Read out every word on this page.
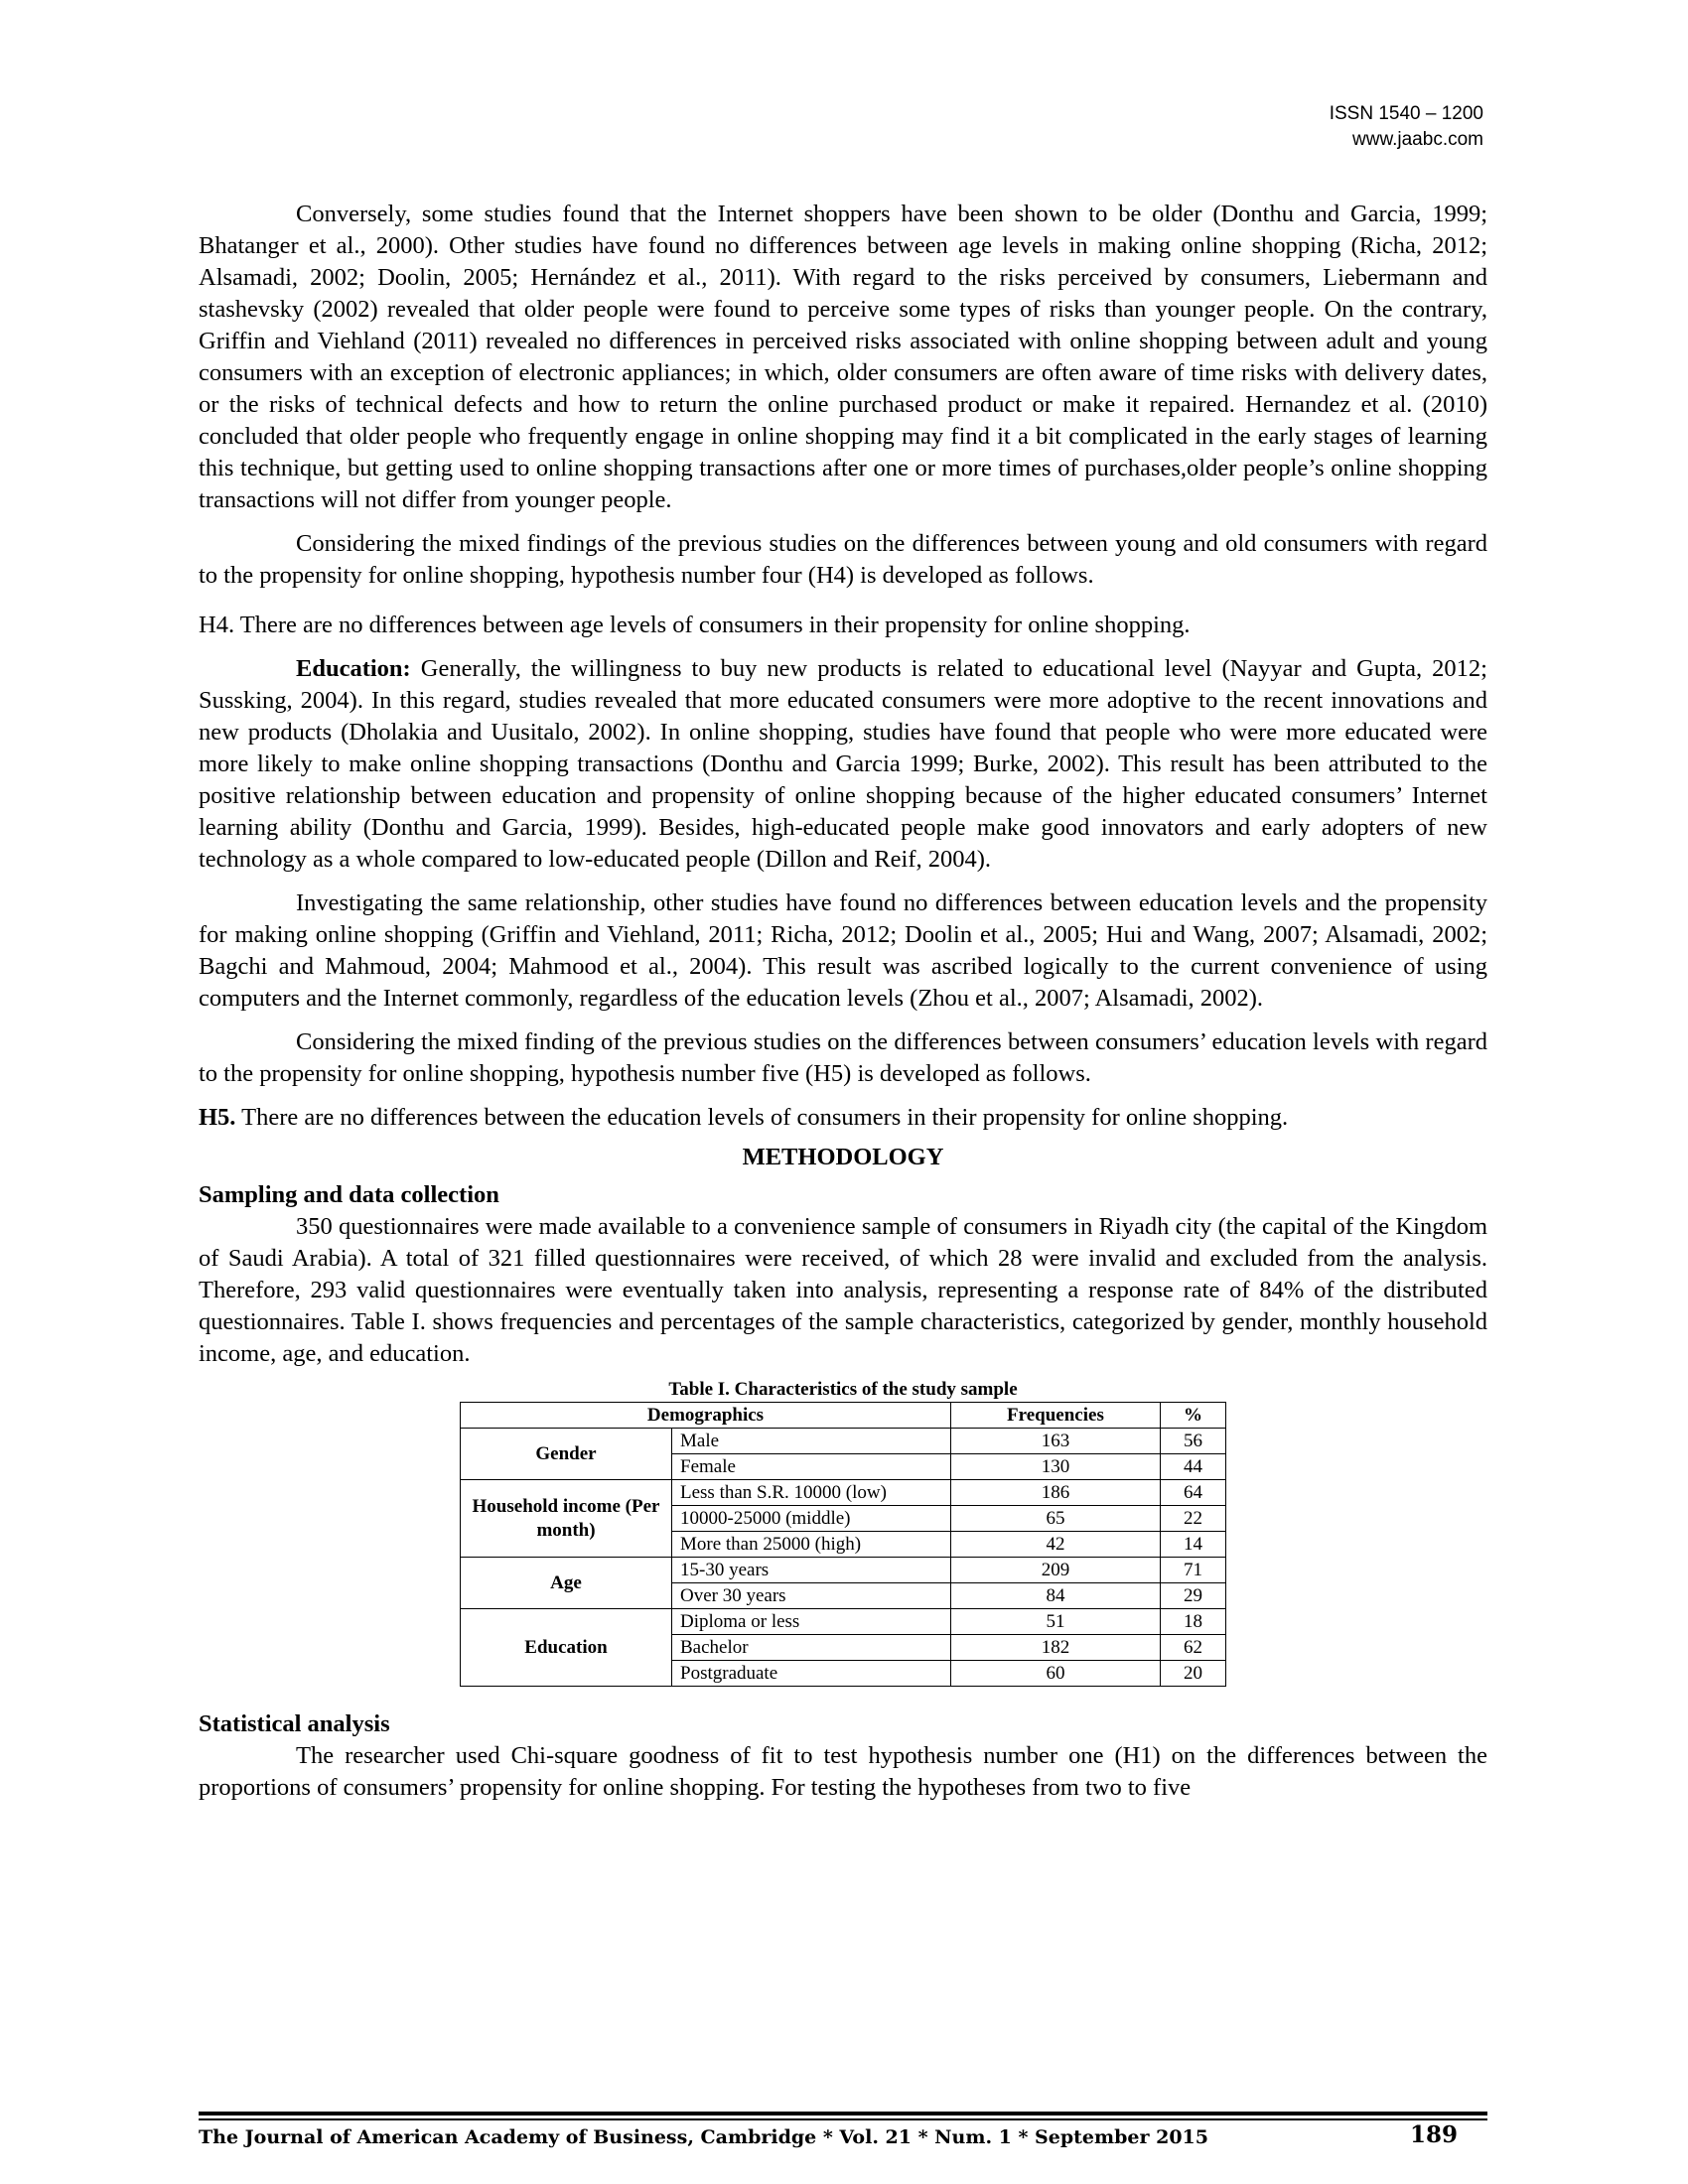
ISSN 1540 – 1200
www.jaabc.com

Conversely, some studies found that the Internet shoppers have been shown to be older (Donthu and Garcia, 1999; Bhatanger et al., 2000). Other studies have found no differences between age levels in making online shopping (Richa, 2012; Alsamadi, 2002; Doolin, 2005; Hernández et al., 2011). With regard to the risks perceived by consumers, Liebermann and stashevsky (2002) revealed that older people were found to perceive some types of risks than younger people. On the contrary, Griffin and Viehland (2011) revealed no differences in perceived risks associated with online shopping between adult and young consumers with an exception of electronic appliances; in which, older consumers are often aware of time risks with delivery dates, or the risks of technical defects and how to return the online purchased product or make it repaired. Hernandez et al. (2010) concluded that older people who frequently engage in online shopping may find it a bit complicated in the early stages of learning this technique, but getting used to online shopping transactions after one or more times of purchases,older people’s online shopping transactions will not differ from younger people.

Considering the mixed findings of the previous studies on the differences between young and old consumers with regard to the propensity for online shopping, hypothesis number four (H4) is developed as follows.

H4. There are no differences between age levels of consumers in their propensity for online shopping.

Education: Generally, the willingness to buy new products is related to educational level (Nayyar and Gupta, 2012; Sussking, 2004). In this regard, studies revealed that more educated consumers were more adoptive to the recent innovations and new products (Dholakia and Uusitalo, 2002). In online shopping, studies have found that people who were more educated were more likely to make online shopping transactions (Donthu and Garcia 1999; Burke, 2002). This result has been attributed to the positive relationship between education and propensity of online shopping because of the higher educated consumers’ Internet learning ability (Donthu and Garcia, 1999). Besides, high-educated people make good innovators and early adopters of new technology as a whole compared to low-educated people (Dillon and Reif, 2004).

Investigating the same relationship, other studies have found no differences between education levels and the propensity for making online shopping (Griffin and Viehland, 2011; Richa, 2012; Doolin et al., 2005; Hui and Wang, 2007; Alsamadi, 2002; Bagchi and Mahmoud, 2004; Mahmood et al., 2004). This result was ascribed logically to the current convenience of using computers and the Internet commonly, regardless of the education levels (Zhou et al., 2007; Alsamadi, 2002).

Considering the mixed finding of the previous studies on the differences between consumers’ education levels with regard to the propensity for online shopping, hypothesis number five (H5) is developed as follows.

H5. There are no differences between the education levels of consumers in their propensity for online shopping.

METHODOLOGY

Sampling and data collection

350 questionnaires were made available to a convenience sample of consumers in Riyadh city (the capital of the Kingdom of Saudi Arabia). A total of 321 filled questionnaires were received, of which 28 were invalid and excluded from the analysis. Therefore, 293 valid questionnaires were eventually taken into analysis, representing a response rate of 84% of the distributed questionnaires. Table I. shows frequencies and percentages of the sample characteristics, categorized by gender, monthly household income, age, and education.

Table I. Characteristics of the study sample
Demographics		Frequencies	%
Gender	Male	163	56
	Female	130	44
Household income (Per month)	Less than S.R. 10000 (low)	186	64
	10000-25000 (middle)	65	22
	More than 25000 (high)	42	14
Age	15-30 years	209	71
	Over 30 years	84	29
Education	Diploma or less	51	18
	Bachelor	182	62
	Postgraduate	60	20

Statistical analysis

The researcher used Chi-square goodness of fit to test hypothesis number one (H1) on the differences between the proportions of consumers’ propensity for online shopping. For testing the hypotheses from two to five

The Journal of American Academy of Business, Cambridge * Vol. 21 * Num. 1 * September 2015	189
